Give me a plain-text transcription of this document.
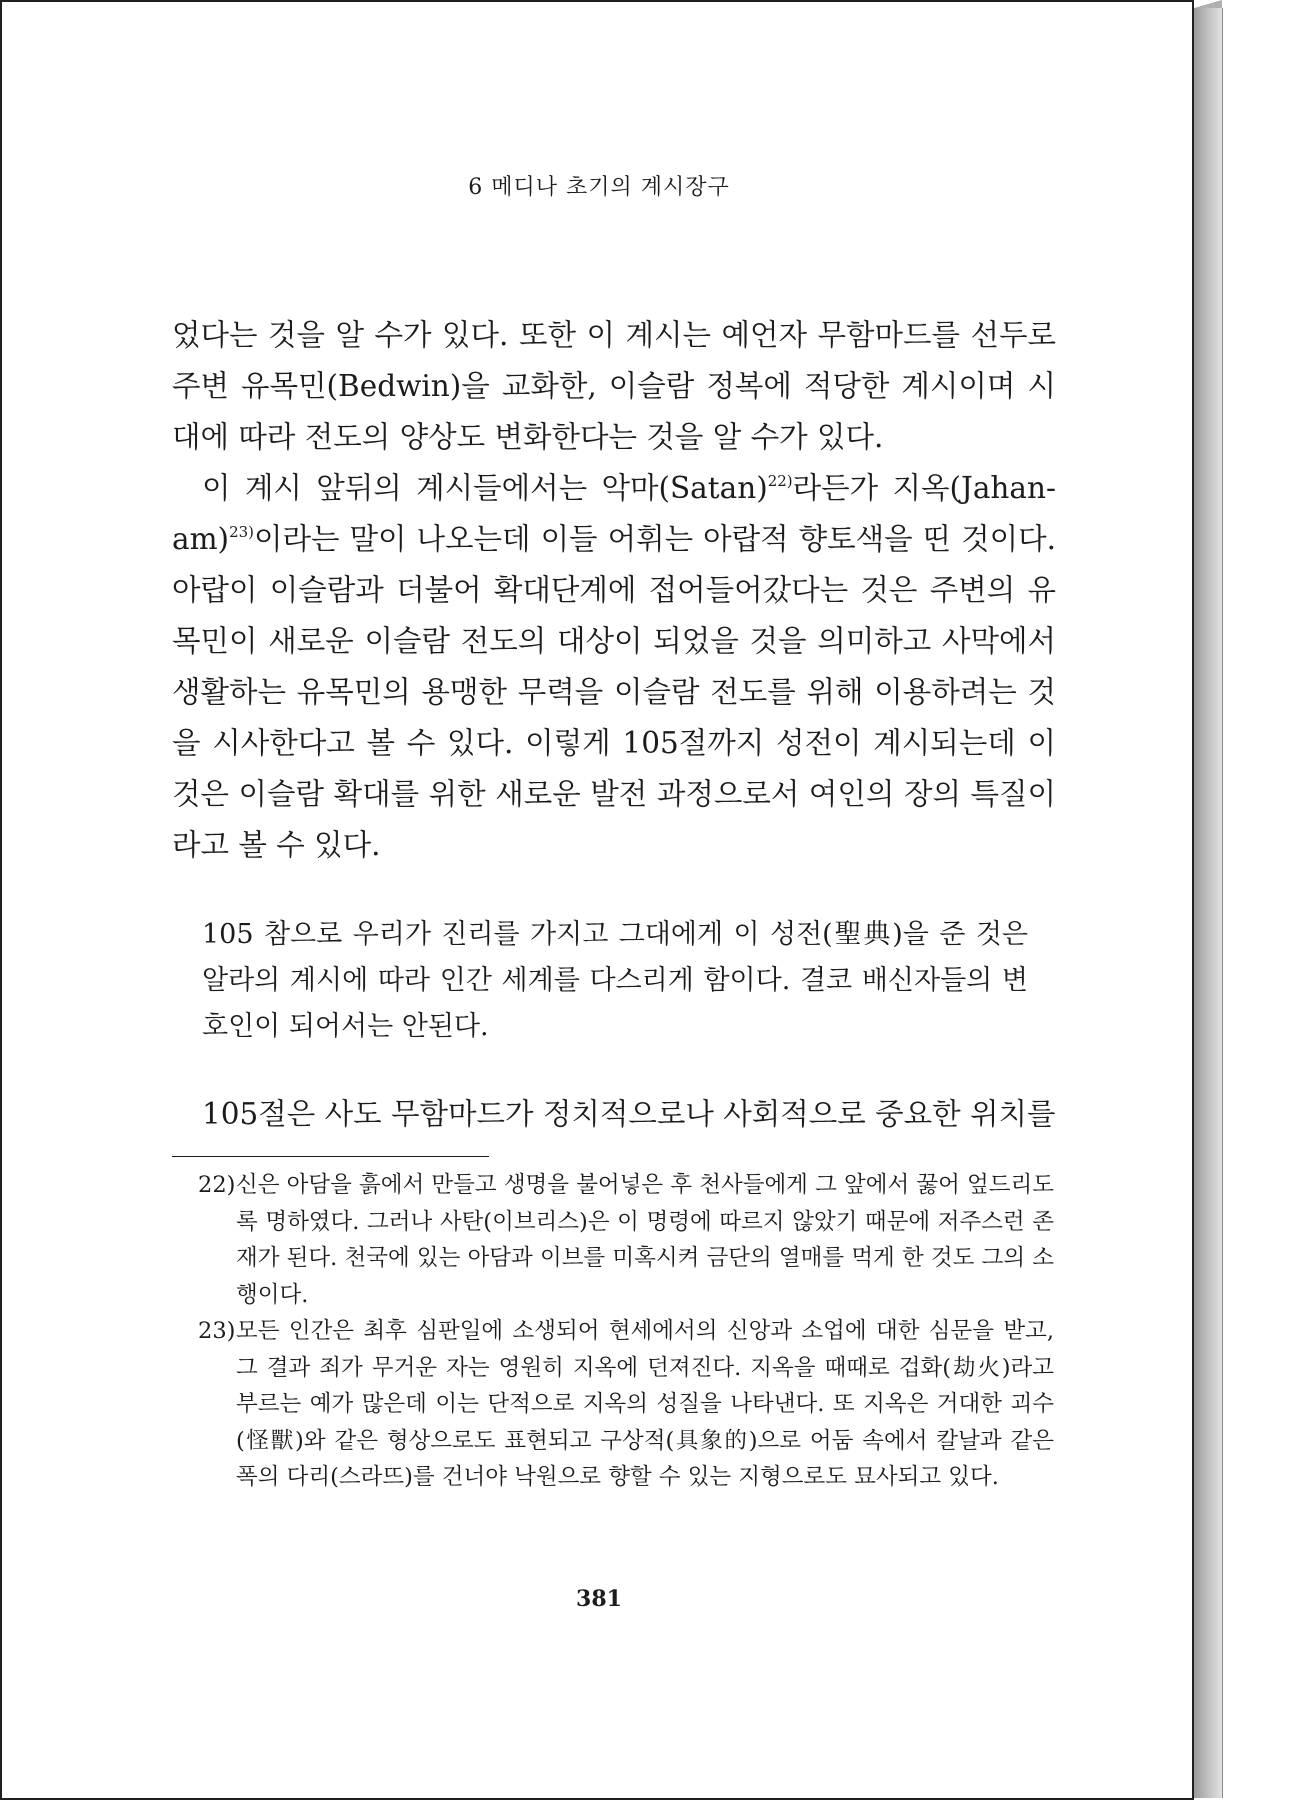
6 메디나 초기의 계시장구

었다는 것을 알 수가 있다. 또한 이 계시는 예언자 무함마드를 선두로 주변 유목민(Bedwin)을 교화한, 이슬람 정복에 적당한 계시이며 시대에 따라 전도의 양상도 변화한다는 것을 알 수가 있다.

이 계시 앞뒤의 계시들에서는 악마$(Satan)^{22)}$라든가 지옥(Jahan-am)$^{23)}$이라는 말이 나오는데 이들 어휘는 아랍적 향토색을 띤 것이다. 아랍이 이슬람과 더불어 확대단계에 접어들어갔다는 것은 주변의 유목민이 새로운 이슬람 전도의 대상이 되었을 것을 의미하고 사막에서 생활하는 유목민의 용맹한 무력을 이슬람 전도를 위해 이용하려는 것을 시사한다고 볼 수 있다. 이렇게 105절까지 성전이 계시되는데 이것은 이슬람 확대를 위한 새로운 발전 과정으로서 여인의 장의 특질이라고 볼 수 있다.

105 참으로 우리가 진리를 가지고 그대에게 이 성전(聖典)을 준 것은 알라의 계시에 따라 인간 세계를 다스리게 함이다. 결코 배신자들의 변호인이 되어서는 안된다.
105절은 사도 무함마드가 정치적으로나 사회적으로 중요한 위치를
22) 신은 아담을 흙에서 만들고 생명을 불어넣은 후 천사들에게 그 앞에서 꿇어 엎드리도록 명하였다. 그러나 사탄(이브리스)은 이 명령에 따르지 않았기 때문에 저주스런 존재가 된다. 천국에 있는 아담과 이브를 미혹시켜 금단의 열매를 먹게 한 것도 그의 소행이다.
23) 모든 인간은 최후 심판일에 소생되어 현세에서의 신앙과 소업에 대한 심문을 받고, 그 결과 죄가 무거운 자는 영원히 지옥에 던져진다. 지옥을 때때로 겁화(劫火)라고 부르는 예가 많은데 이는 단적으로 지옥의 성질을 나타낸다. 또 지옥은 거대한 괴수(怪獸)와 같은 형상으로도 표현되고 구상적(具象的)으로 어둠 속에서 칼날과 같은 폭의 다리(스라뜨)를 건너야 낙원으로 향할 수 있는 지형으로도 묘사되고 있다.
381
